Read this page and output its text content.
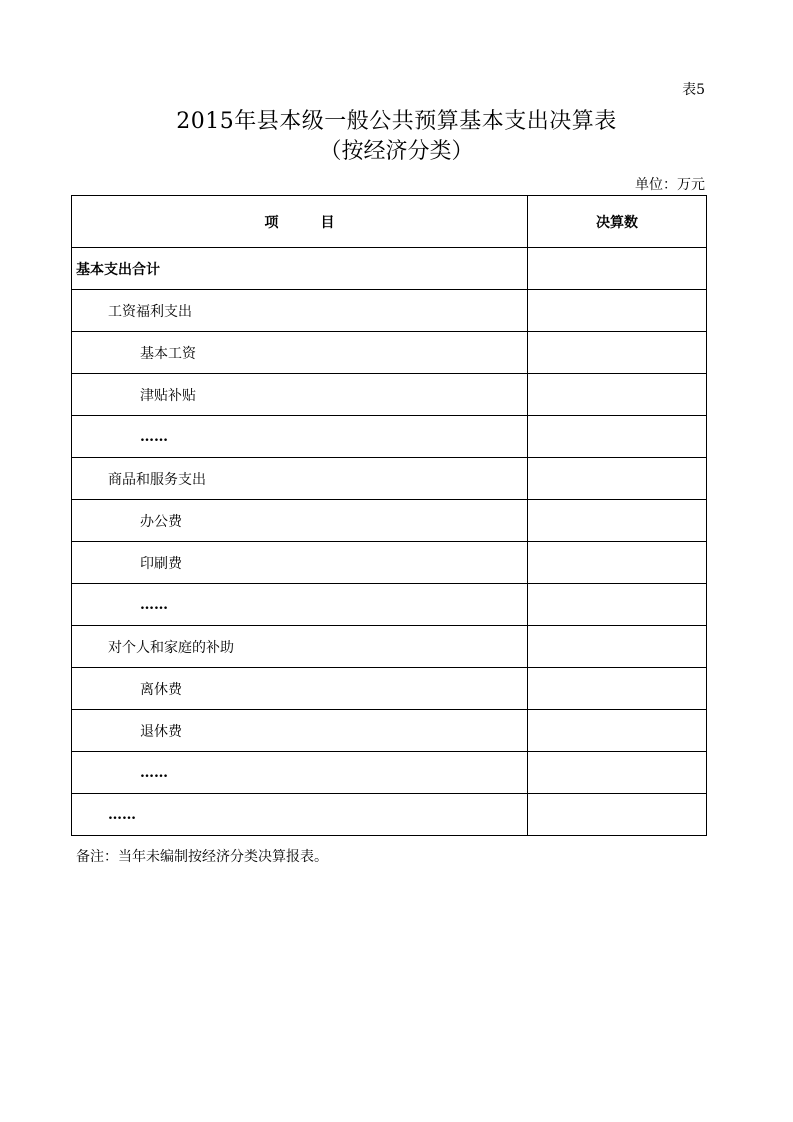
表5
2015年县本级一般公共预算基本支出决算表
（按经济分类）
单位：万元
项　　　目	决算数
基本支出合计	
工资福利支出	
基本工资	
津贴补贴	
……	
商品和服务支出	
办公费	
印刷费	
……	
对个人和家庭的补助	
离休费	
退休费	
……	
……	
备注：当年未编制按经济分类决算报表。
